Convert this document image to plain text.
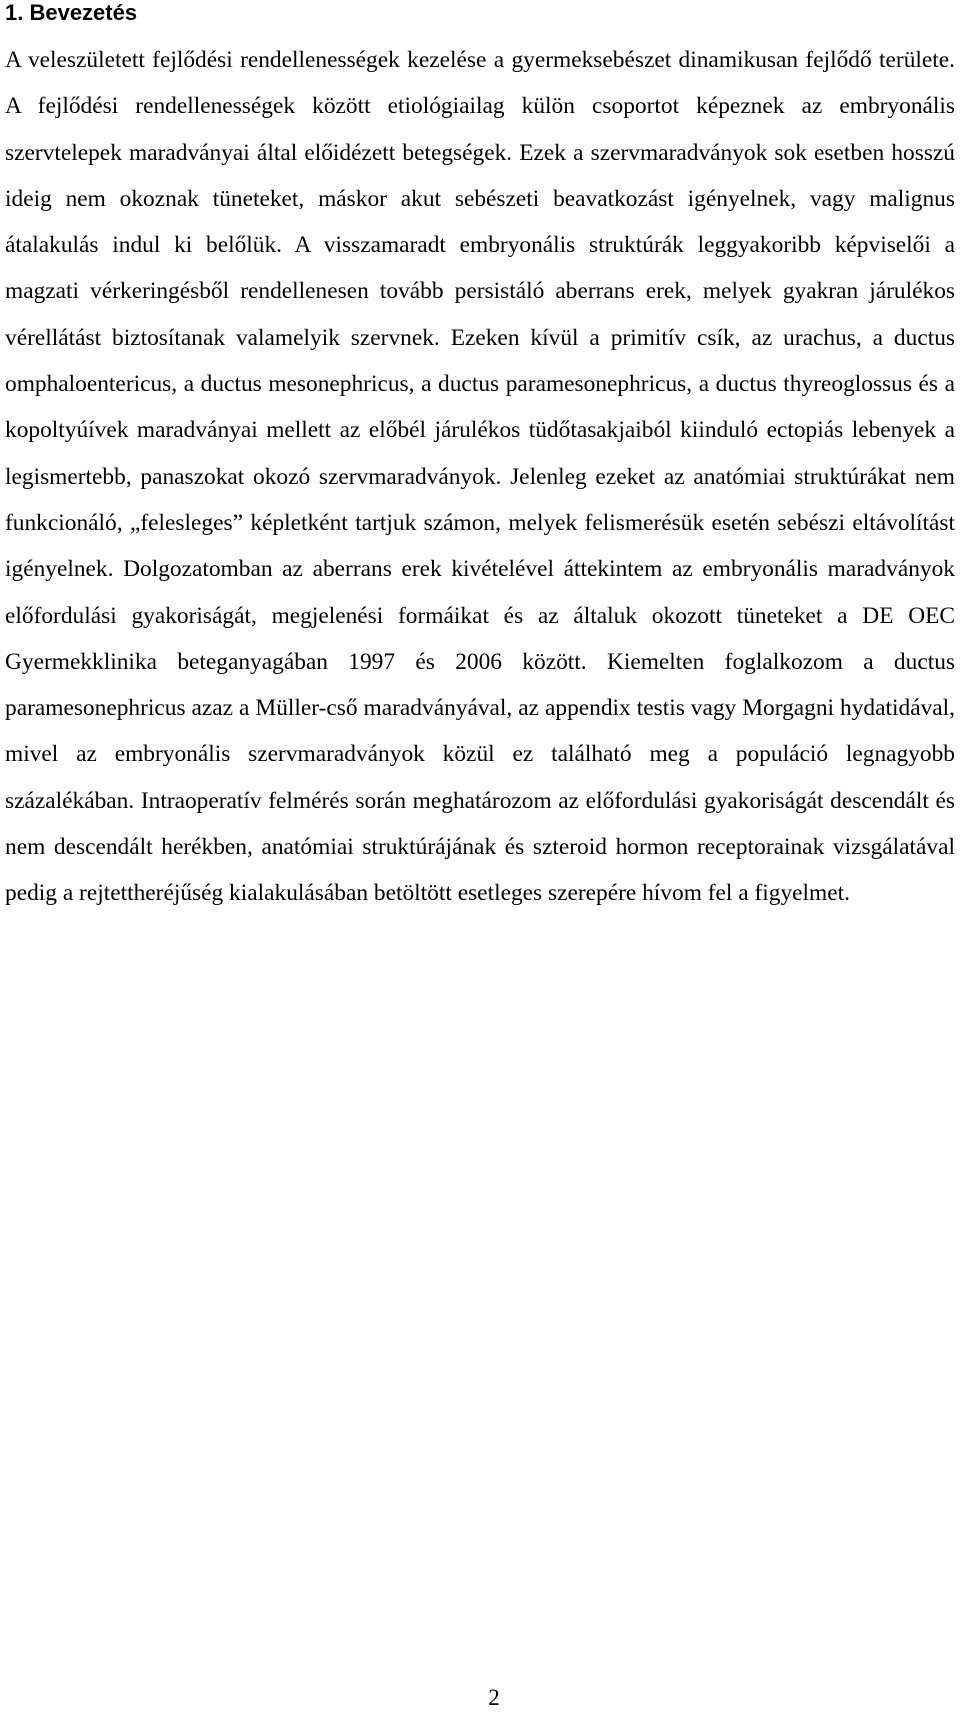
1. Bevezetés

A veleszületett fejlődési rendellenességek kezelése a gyermeksebészet dinamikusan fejlődő területe. A fejlődési rendellenességek között etiológiailag külön csoportot képeznek az embryonális szervtelepek maradványai által előidézett betegségek. Ezek a szervmaradványok sok esetben hosszú ideig nem okoznak tüneteket, máskor akut sebészeti beavatkozást igényelnek, vagy malignus átalakulás indul ki belőlük. A visszamaradt embryonális struktúrák leggyakoribb képviselői a magzati vérkeringésből rendellenesen tovább persistáló aberrans erek, melyek gyakran járulékos vérellátást biztosítanak valamelyik szervnek. Ezeken kívül a primitív csík, az urachus, a ductus omphaloentericus, a ductus mesonephricus, a ductus paramesonephricus, a ductus thyreoglossus és a kopoltyúívek maradványai mellett az előbél járulékos tüdőtasakjaiból kiinduló ectopiás lebenyek a legismertebb, panaszokat okozó szervmaradványok. Jelenleg ezeket az anatómiai struktúrákat nem funkcionáló, „felesleges” képletként tartjuk számon, melyek felismerésük esetén sebészi eltávolítást igényelnek. Dolgozatomban az aberrans erek kivételével áttekintem az embryonális maradványok előfordulási gyakoriságát, megjelenési formáikat és az általuk okozott tüneteket a DE OEC Gyermekklinika beteganyagában 1997 és 2006 között. Kiemelten foglalkozom a ductus paramesonephricus azaz a Müller-cső maradványával, az appendix testis vagy Morgagni hydatidával, mivel az embryonális szervmaradványok közül ez található meg a populáció legnagyobb százalékában. Intraoperatív felmérés során meghatározom az előfordulási gyakoriságát descendált és nem descendált herékben, anatómiai struktúrájának és szteroid hormon receptorainak vizsgálatával pedig a rejtettheréjűség kialakulásában betöltött esetleges szerepére hívom fel a figyelmet.

2
